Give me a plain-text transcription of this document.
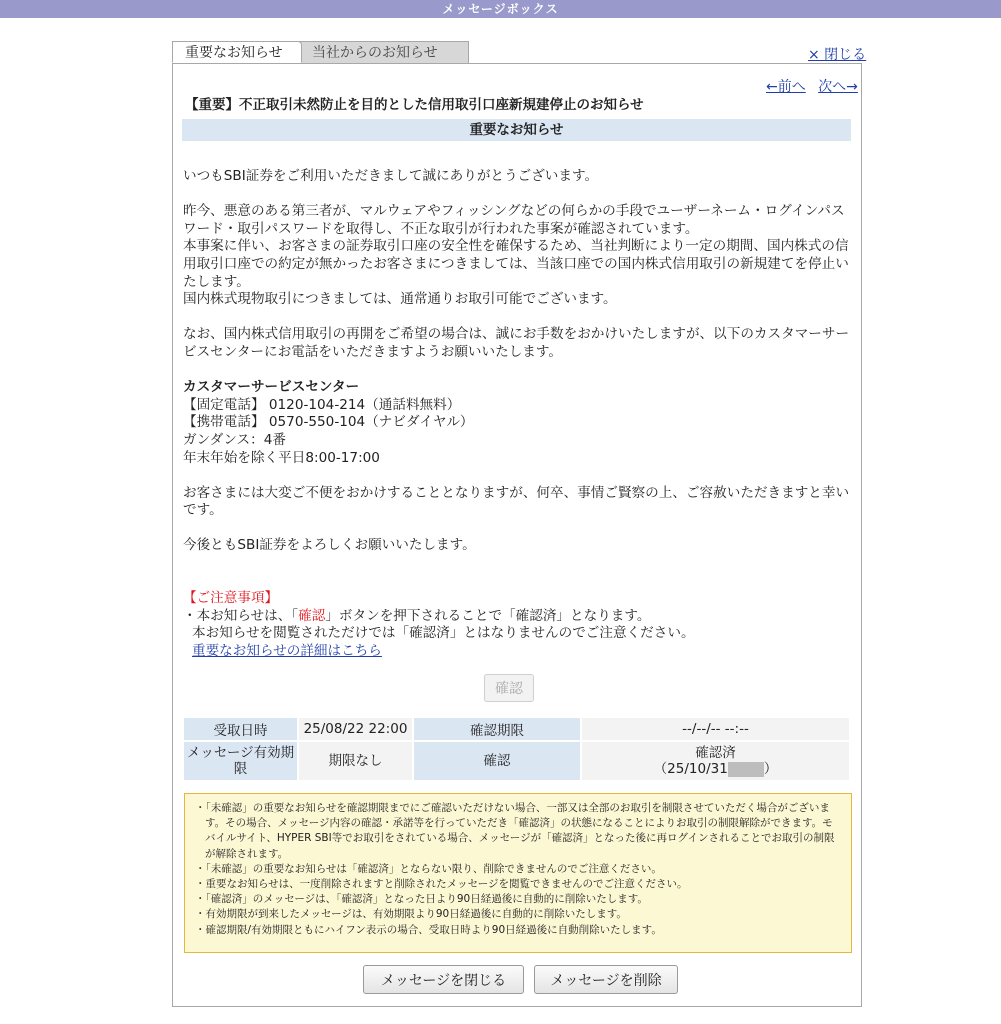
メッセージボックス
重要なお知らせ	当社からのお知らせ	× 閉じる
←前へ 次へ→
【重要】不正取引未然防止を目的とした信用取引口座新規建停止のお知らせ
重要なお知らせ

いつもSBI証券をご利用いただきまして誠にありがとうございます。

昨今、悪意のある第三者が、マルウェアやフィッシングなどの何らかの手段でユーザーネーム・ログインパスワード・取引パスワードを取得し、不正な取引が行われた事案が確認されています。

本事案に伴い、お客さまの証券取引口座の安全性を確保するため、当社判断により一定の期間、国内株式の信用取引口座での約定が無かったお客さまにつきましては、当該口座での国内株式信用取引の新規建てを停止いたします。

国内株式現物取引につきましては、通常通りお取引可能でございます。

なお、国内株式信用取引の再開をご希望の場合は、誠にお手数をおかけいたしますが、以下のカスタマーサービスセンターにお電話をいただきますようお願いいたします。

カスタマーサービスセンター

【固定電話】 0120-104-214（通話料無料）

【携帯電話】 0570-550-104（ナビダイヤル）

ガンダンス：4番

年末年始を除く平日8:00-17:00

お客さまには大変ご不便をおかけすることとなりますが、何卒、事情ご賢察の上、ご容赦いただきますと幸いです。

今後ともSBI証券をよろしくお願いいたします。

【ご注意事項】

・本お知らせは、「確認」ボタンを押下されることで「確認済」となります。

本お知らせを閲覧されただけでは「確認済」とはなりませんのでご注意ください。

重要なお知らせの詳細はこちら

確認
受取日時	25/08/22 22:00	確認期限	--/--/-- --:--
メッセージ有効期限	期限なし	確認	確認済
（25/10/31 ）

・「未確認」の重要なお知らせを確認期限までにご確認いただけない場合、一部又は全部のお取引を制限させていただく場合がございます。その場合、メッセージ内容の確認・承諾等を行っていただき「確認済」の状態になることによりお取引の制限解除ができます。モバイルサイト、HYPER SBI等でお取引をされている場合、メッセージが「確認済」となった後に再ログインされることでお取引の制限が解除されます。

・「未確認」の重要なお知らせは「確認済」とならない限り、削除できませんのでご注意ください。

・重要なお知らせは、一度削除されますと削除されたメッセージを閲覧できませんのでご注意ください。

・「確認済」のメッセージは、「確認済」となった日より90日経過後に自動的に削除いたします。

・有効期限が到来したメッセージは、有効期限より90日経過後に自動的に削除いたします。

・確認期限/有効期限ともにハイフン表示の場合、受取日時より90日経過後に自動削除いたします。

メッセージを閉じる	メッセージを削除
